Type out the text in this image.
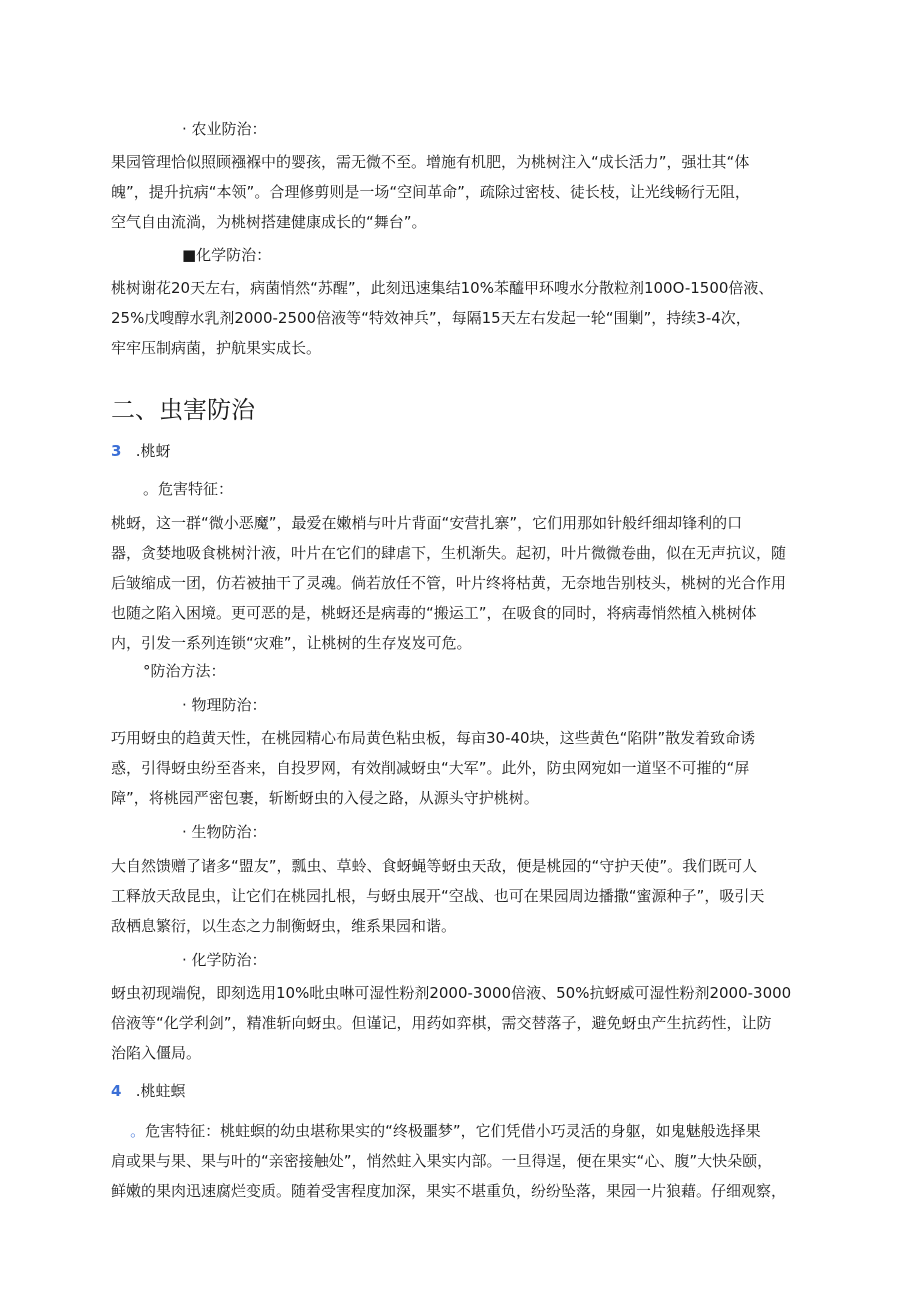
· 农业防治：
果园管理恰似照顾襁褓中的婴孩，需无微不至。增施有机肥，为桃树注入“成长活力”，强壮其“体
魄”，提升抗病“本领”。合理修剪则是一场“空间革命”，疏除过密枝、徒长枝，让光线畅行无阻，
空气自由流淌，为桃树搭建健康成长的“舞台”。
■化学防治：
桃树谢花20天左右，病菌悄然“苏醒”，此刻迅速集结10%苯醯甲环嗖水分散粒剂100O-1500倍液、
25%戊嗖醇水乳剂2000-2500倍液等“特效神兵”，每隔15天左右发起一轮“围剿”，持续3-4次，
牢牢压制病菌，护航果实成长。
二、虫害防治
3 .桃蚜
。危害特征：
桃蚜，这一群“微小恶魔”，最爱在嫩梢与叶片背面“安营扎寨”，它们用那如针般纤细却锋利的口
器，贪婪地吸食桃树汁液，叶片在它们的肆虐下，生机渐失。起初，叶片微微卷曲，似在无声抗议，随
后皱缩成一团，仿若被抽干了灵魂。倘若放任不管，叶片终将枯黄，无奈地告别枝头，桃树的光合作用
也随之陷入困境。更可恶的是，桃蚜还是病毒的“搬运工”，在吸食的同时，将病毒悄然植入桃树体
内，引发一系列连锁“灾难”，让桃树的生存岌岌可危。
°防治方法：
· 物理防治：
巧用蚜虫的趋黄天性，在桃园精心布局黄色粘虫板，每亩30-40块，这些黄色“陷阱”散发着致命诱
惑，引得蚜虫纷至沓来，自投罗网，有效削减蚜虫“大军”。此外，防虫网宛如一道坚不可摧的“屏
障”，将桃园严密包裹，斩断蚜虫的入侵之路，从源头守护桃树。
· 生物防治：
大自然馈赠了诸多“盟友”，瓢虫、草蛉、食蚜蝇等蚜虫天敌，便是桃园的“守护天使”。我们既可人
工释放天敌昆虫，让它们在桃园扎根，与蚜虫展开“空战、也可在果园周边播撒“蜜源种子”，吸引天
敌栖息繁衍，以生态之力制衡蚜虫，维系果园和谐。
· 化学防治：
蚜虫初现端倪，即刻选用10%吡虫啉可湿性粉剂2000-3000倍液、50%抗蚜威可湿性粉剂2000-3000
倍液等“化学利剑”，精准斩向蚜虫。但谨记，用药如弈棋，需交替落子，避免蚜虫产生抗药性，让防
治陷入僵局。
4 .桃蛀螟
。危害特征：桃蛀螟的幼虫堪称果实的“终极噩梦”，它们凭借小巧灵活的身躯，如鬼魅般选择果
肩或果与果、果与叶的“亲密接触处”，悄然蛀入果实内部。一旦得逞，便在果实“心、腹”大快朵颐，
鲜嫩的果肉迅速腐烂变质。随着受害程度加深，果实不堪重负，纷纷坠落，果园一片狼藉。仔细观察，
